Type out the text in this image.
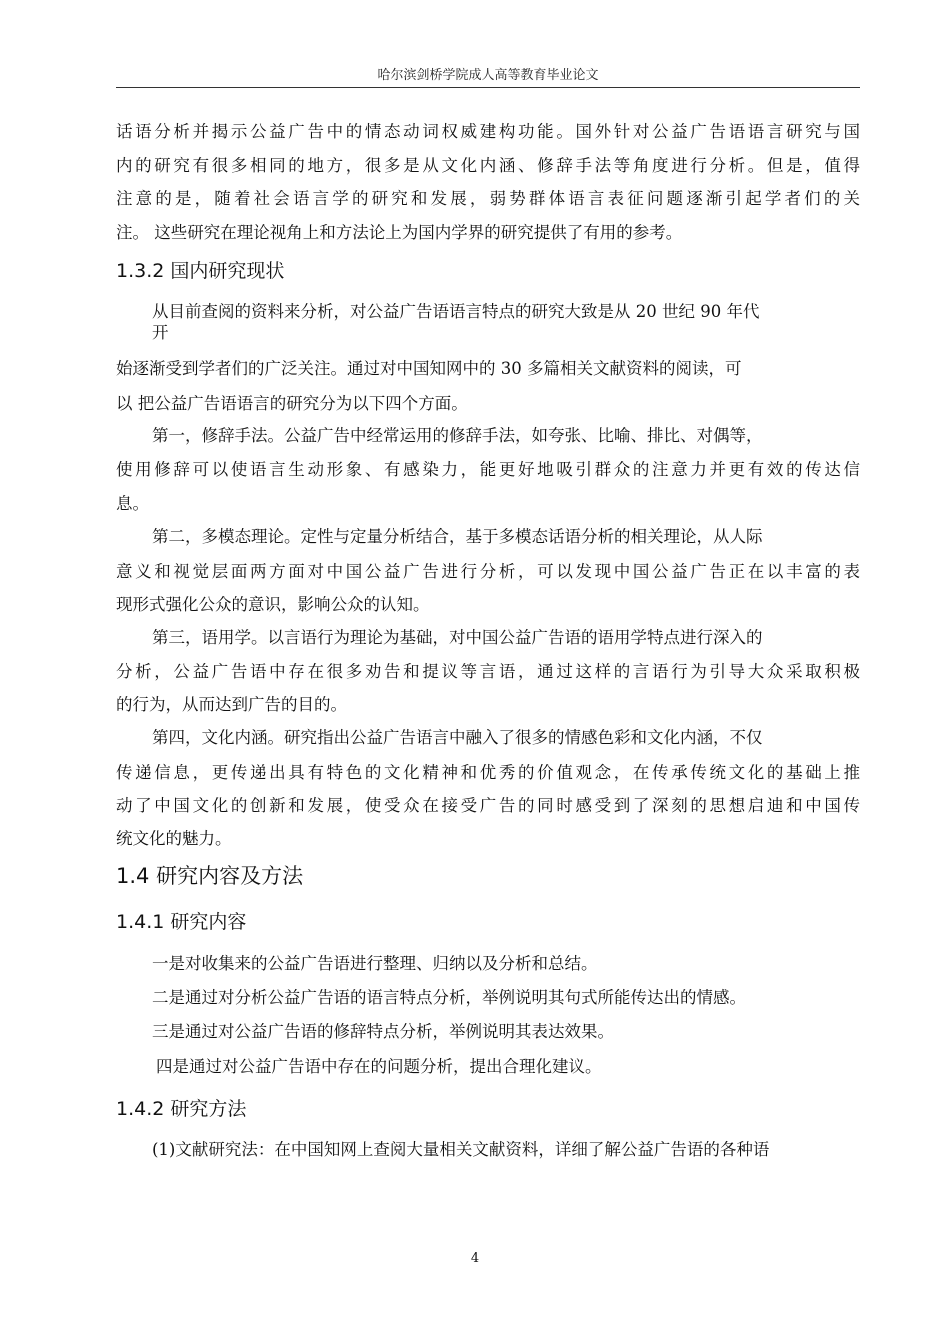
哈尔滨剑桥学院成人高等教育毕业论文
话语分析并揭示公益广告中的情态动词权威建构功能。国外针对公益广告语语言研究与国
内的研究有很多相同的地方，很多是从文化内涵、修辞手法等角度进行分析。但是，值得
注意的是，随着社会语言学的研究和发展，弱势群体语言表征问题逐渐引起学者们的关
注。 这些研究在理论视角上和方法论上为国内学界的研究提供了有用的参考。
1.3.2 国内研究现状
从目前查阅的资料来分析，对公益广告语语言特点的研究大致是从 20 世纪 90 年代
开
始逐渐受到学者们的广泛关注。通过对中国知网中的 30 多篇相关文献资料的阅读，可
以 把公益广告语语言的研究分为以下四个方面。
第一，修辞手法。公益广告中经常运用的修辞手法，如夸张、比喻、排比、对偶等，
使用修辞可以使语言生动形象、有感染力，能更好地吸引群众的注意力并更有效的传达信
息。
第二，多模态理论。定性与定量分析结合，基于多模态话语分析的相关理论，从人际
意义和视觉层面两方面对中国公益广告进行分析，可以发现中国公益广告正在以丰富的表
现形式强化公众的意识，影响公众的认知。
第三，语用学。以言语行为理论为基础，对中国公益广告语的语用学特点进行深入的
分析，公益广告语中存在很多劝告和提议等言语，通过这样的言语行为引导大众采取积极
的行为，从而达到广告的目的。
第四，文化内涵。研究指出公益广告语言中融入了很多的情感色彩和文化内涵，不仅
传递信息，更传递出具有特色的文化精神和优秀的价值观念，在传承传统文化的基础上推
动了中国文化的创新和发展，使受众在接受广告的同时感受到了深刻的思想启迪和中国传
统文化的魅力。
1.4 研究内容及方法
1.4.1 研究内容
一是对收集来的公益广告语进行整理、归纳以及分析和总结。
二是通过对分析公益广告语的语言特点分析，举例说明其句式所能传达出的情感。
三是通过对公益广告语的修辞特点分析，举例说明其表达效果。
四是通过对公益广告语中存在的问题分析，提出合理化建议。
1.4.2 研究方法
(1)文献研究法：在中国知网上查阅大量相关文献资料，详细了解公益广告语的各种语
4
